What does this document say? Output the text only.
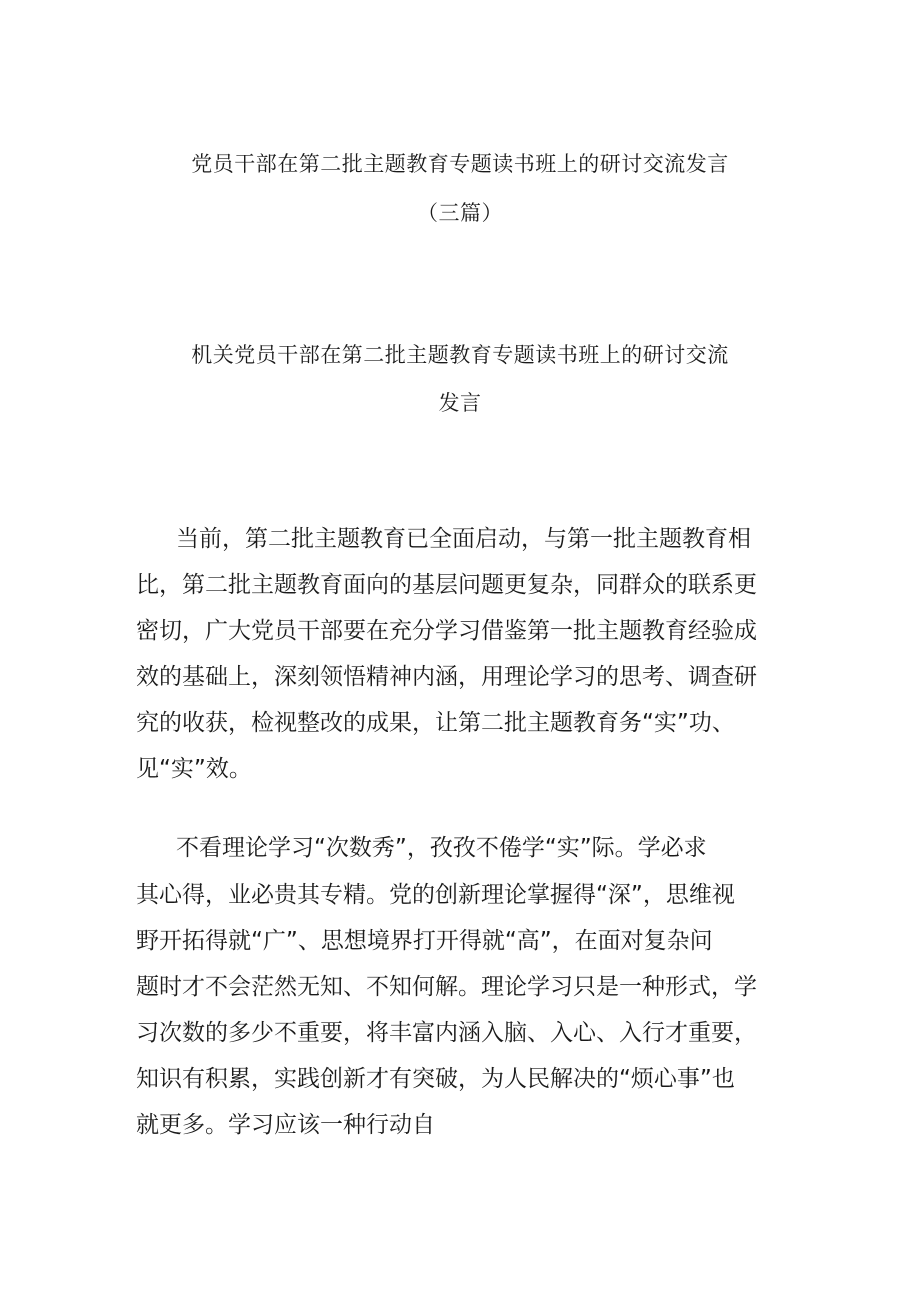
党员干部在第二批主题教育专题读书班上的研讨交流发言
（三篇）
机关党员干部在第二批主题教育专题读书班上的研讨交流
发言
当前，第二批主题教育已全面启动，与第一批主题教育相
比，第二批主题教育面向的基层问题更复杂，同群众的联系更
密切，广大党员干部要在充分学习借鉴第一批主题教育经验成
效的基础上，深刻领悟精神内涵，用理论学习的思考、调查研
究的收获，检视整改的成果，让第二批主题教育务“实”功、
见“实”效。
不看理论学习“次数秀”，孜孜不倦学“实”际。学必求
其心得，业必贵其专精。党的创新理论掌握得“深”，思维视
野开拓得就“广”、思想境界打开得就“高”，在面对复杂问
题时才不会茫然无知、不知何解。理论学习只是一种形式，学
习次数的多少不重要，将丰富内涵入脑、入心、入行才重要，
知识有积累，实践创新才有突破，为人民解决的“烦心事”也
就更多。学习应该一种行动自
